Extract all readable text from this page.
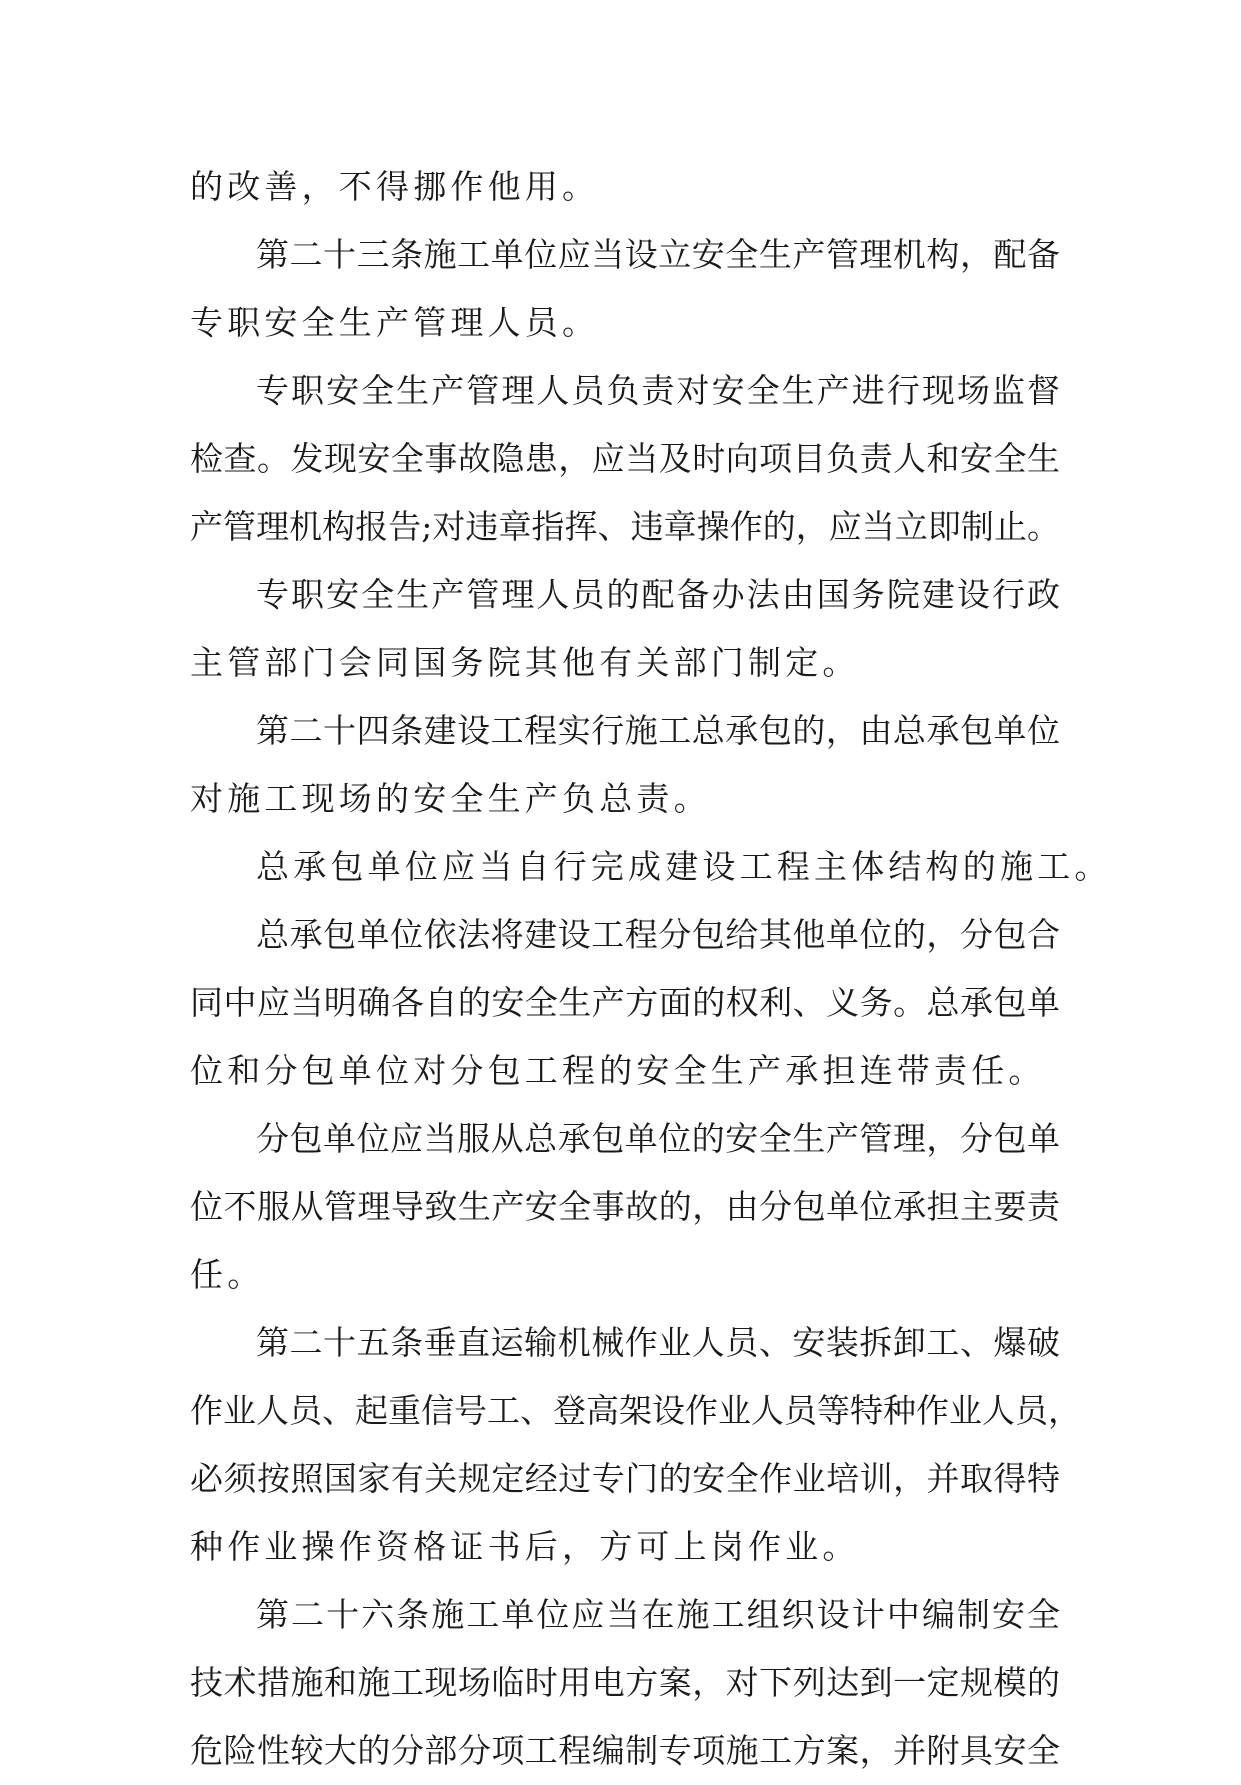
的改善，不得挪作他用。
第二十三条施工单位应当设立安全生产管理机构，配备
专职安全生产管理人员。
专职安全生产管理人员负责对安全生产进行现场监督
检查。发现安全事故隐患，应当及时向项目负责人和安全生
产管理机构报告;对违章指挥、违章操作的，应当立即制止。
专职安全生产管理人员的配备办法由国务院建设行政
主管部门会同国务院其他有关部门制定。
第二十四条建设工程实行施工总承包的，由总承包单位
对施工现场的安全生产负总责。
总承包单位应当自行完成建设工程主体结构的施工。
总承包单位依法将建设工程分包给其他单位的，分包合
同中应当明确各自的安全生产方面的权利、义务。总承包单
位和分包单位对分包工程的安全生产承担连带责任。
分包单位应当服从总承包单位的安全生产管理，分包单
位不服从管理导致生产安全事故的，由分包单位承担主要责
任。
第二十五条垂直运输机械作业人员、安装拆卸工、爆破
作业人员、起重信号工、登高架设作业人员等特种作业人员，
必须按照国家有关规定经过专门的安全作业培训，并取得特
种作业操作资格证书后，方可上岗作业。
第二十六条施工单位应当在施工组织设计中编制安全
技术措施和施工现场临时用电方案，对下列达到一定规模的
危险性较大的分部分项工程编制专项施工方案，并附具安全
